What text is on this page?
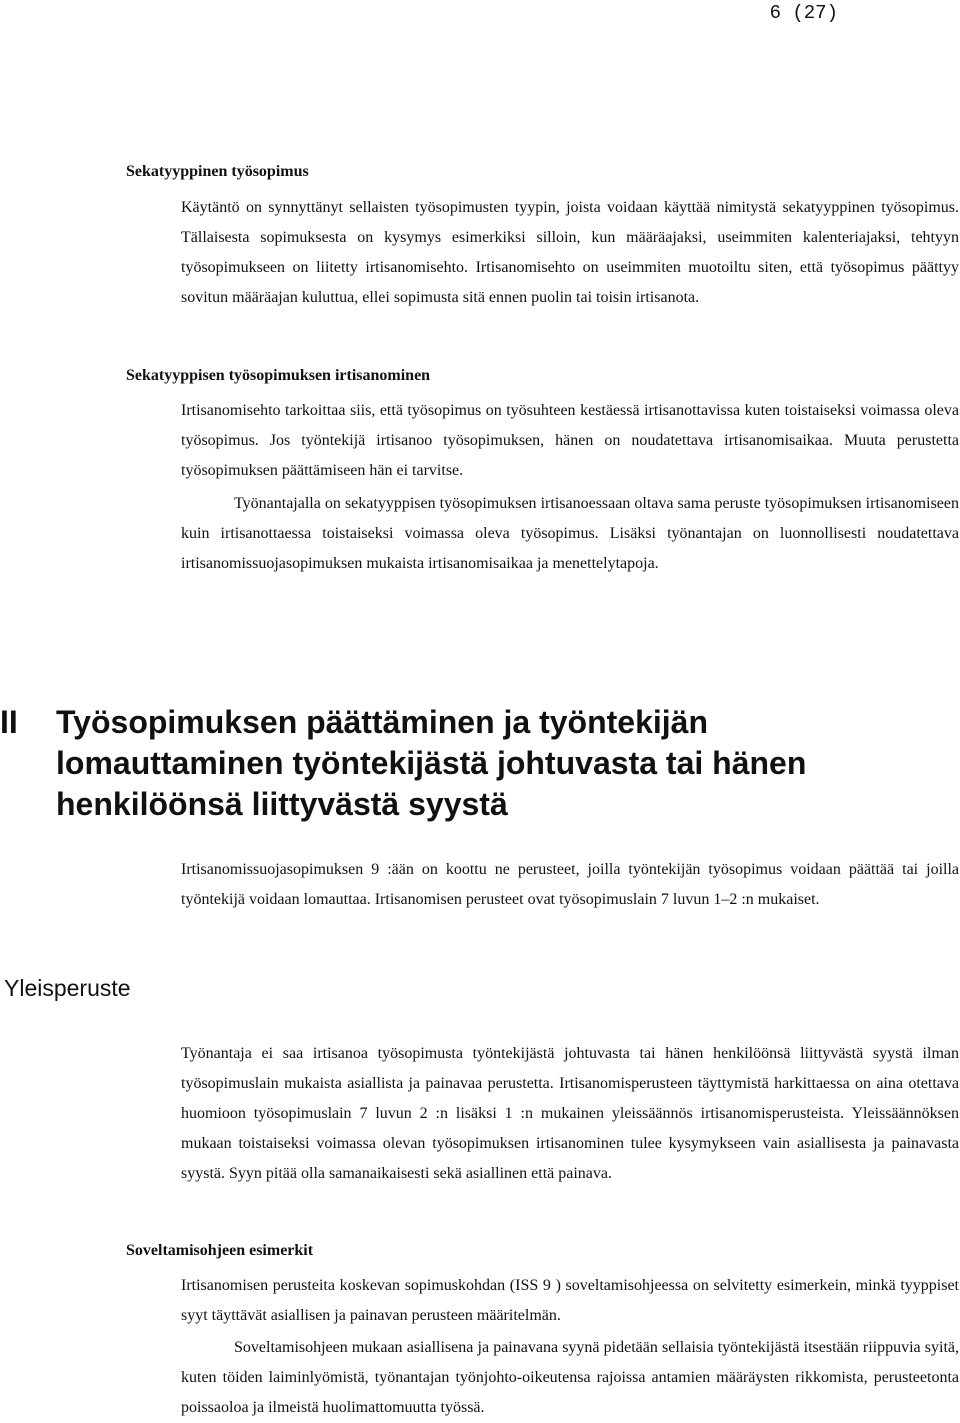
6 (27)
Sekatyyppinen työsopimus
Käytäntö on synnyttänyt sellaisten työsopimusten tyypin, joista voidaan käyttää nimitystä sekatyyppinen työsopimus. Tällaisesta sopimuksesta on kysymys esimerkiksi silloin, kun määräajaksi, useimmiten kalenteriajaksi, tehtyyn työsopimukseen on liitetty irtisanomisehto. Irtisanomisehto on useimmiten muotoiltu siten, että työsopimus päättyy sovitun määräajan kuluttua, ellei sopimusta sitä ennen puolin tai toisin irtisanota.
Sekatyyppisen työsopimuksen irtisanominen
Irtisanomisehto tarkoittaa siis, että työsopimus on työsuhteen kestäessä irtisanottavissa kuten toistaiseksi voimassa oleva työsopimus. Jos työntekijä irtisanoo työsopimuksen, hänen on noudatettava irtisanomisaikaa. Muuta perustetta työsopimuksen päättämiseen hän ei tarvitse.
Työnantajalla on sekatyyppisen työsopimuksen irtisanoessaan oltava sama peruste työsopimuksen irtisanomiseen kuin irtisanottaessa toistaiseksi voimassa oleva työsopimus. Lisäksi työnantajan on luonnollisesti noudatettava irtisanomissuojasopimuksen mukaista irtisanomisaikaa ja menettelytapoja.
II Työsopimuksen päättäminen ja työntekijän lomauttaminen työntekijästä johtuvasta tai hänen henkilöönsä liittyvästä syystä
Irtisanomissuojasopimuksen 9 :ään on koottu ne perusteet, joilla työntekijän työsopimus voidaan päättää tai joilla työntekijä voidaan lomauttaa. Irtisanomisen perusteet ovat työsopimuslain 7 luvun 1–2 :n mukaiset.
Yleisperuste
Työnantaja ei saa irtisanoa työsopimusta työntekijästä johtuvasta tai hänen henkilöönsä liittyvästä syystä ilman työsopimuslain mukaista asiallista ja painavaa perustetta. Irtisanomisperusteen täyttymistä harkittaessa on aina otettava huomioon työsopimuslain 7 luvun 2 :n lisäksi 1 :n mukainen yleissäännös irtisanomisperusteista. Yleissäännöksen mukaan toistaiseksi voimassa olevan työsopimuksen irtisanominen tulee kysymykseen vain asiallisesta ja painavasta syystä. Syyn pitää olla samanaikaisesti sekä asiallinen että painava.
Soveltamisohjeen esimerkit
Irtisanomisen perusteita koskevan sopimuskohdan (ISS 9 ) soveltamisohjeessa on selvitetty esimerkein, minkä tyyppiset syyt täyttävät asiallisen ja painavan perusteen määritelmän.
Soveltamisohjeen mukaan asiallisena ja painavana syynä pidetään sellaisia työntekijästä itsestään riippuvia syitä, kuten töiden laiminlyömistä, työnantajan työnjohto-oikeutensa rajoissa antamien määräysten rikkomista, perusteetonta poissaoloa ja ilmeistä huolimattomuutta työssä.
